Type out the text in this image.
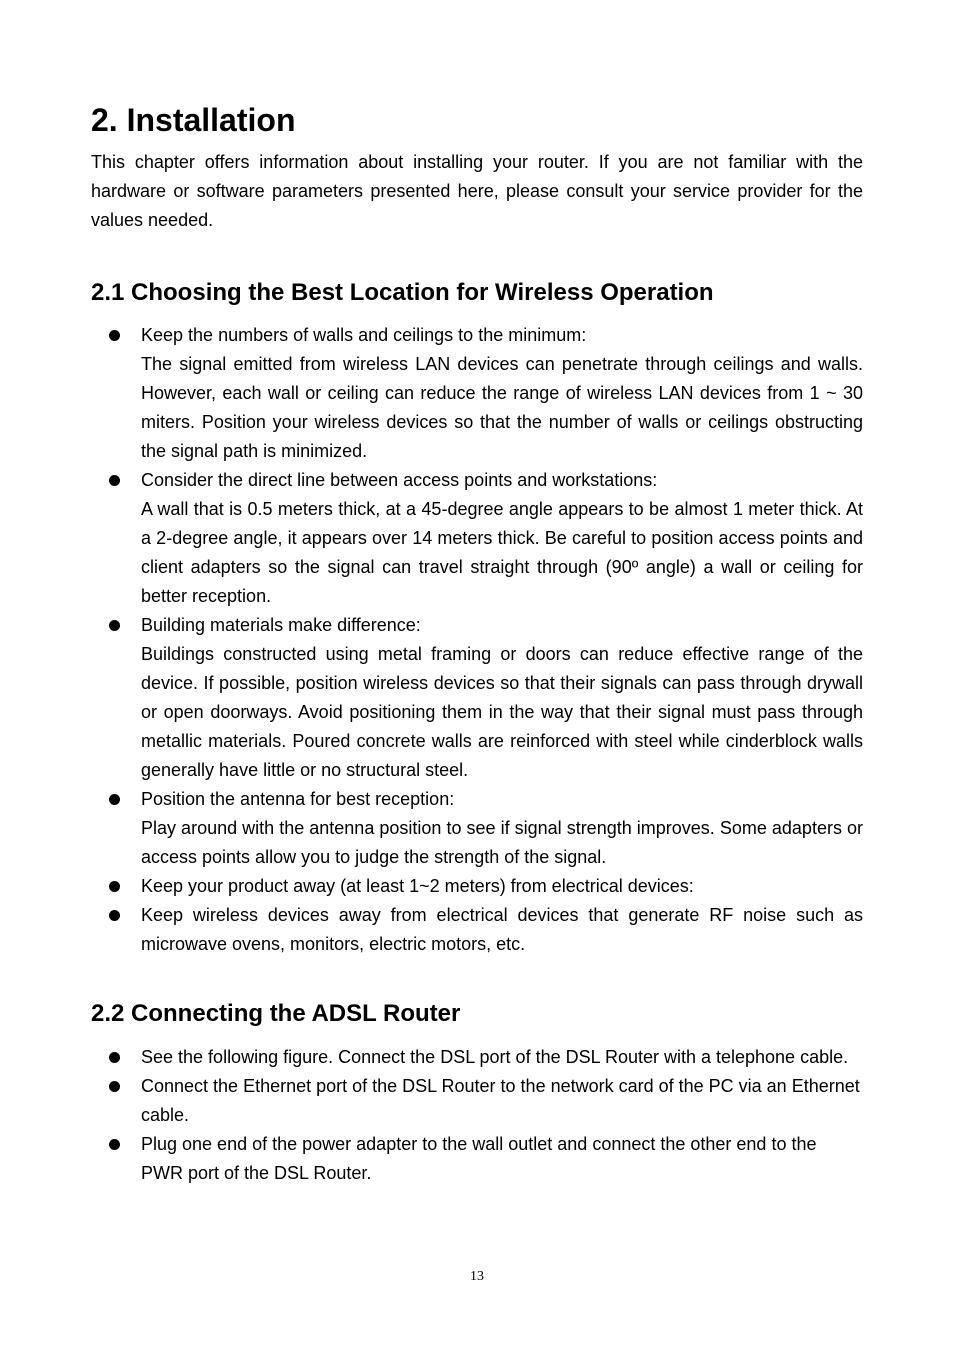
2. Installation

This chapter offers information about installing your router. If you are not familiar with the hardware or software parameters presented here, please consult your service provider for the values needed.

2.1 Choosing the Best Location for Wireless Operation
Keep the numbers of walls and ceilings to the minimum:
The signal emitted from wireless LAN devices can penetrate through ceilings and walls. However, each wall or ceiling can reduce the range of wireless LAN devices from 1 ~ 30 miters. Position your wireless devices so that the number of walls or ceilings obstructing the signal path is minimized.
Consider the direct line between access points and workstations:
A wall that is 0.5 meters thick, at a 45-degree angle appears to be almost 1 meter thick. At a 2-degree angle, it appears over 14 meters thick. Be careful to position access points and client adapters so the signal can travel straight through (90º angle) a wall or ceiling for better reception.
Building materials make difference:
Buildings constructed using metal framing or doors can reduce effective range of the device. If possible, position wireless devices so that their signals can pass through drywall or open doorways. Avoid positioning them in the way that their signal must pass through metallic materials. Poured concrete walls are reinforced with steel while cinderblock walls generally have little or no structural steel.
Position the antenna for best reception:
Play around with the antenna position to see if signal strength improves. Some adapters or access points allow you to judge the strength of the signal.
Keep your product away (at least 1~2 meters) from electrical devices:
Keep wireless devices away from electrical devices that generate RF noise such as microwave ovens, monitors, electric motors, etc.
2.2 Connecting the ADSL Router
See the following figure. Connect the DSL port of the DSL Router with a telephone cable.
Connect the Ethernet port of the DSL Router to the network card of the PC via an Ethernet cable.
Plug one end of the power adapter to the wall outlet and connect the other end to the PWR port of the DSL Router.
13
